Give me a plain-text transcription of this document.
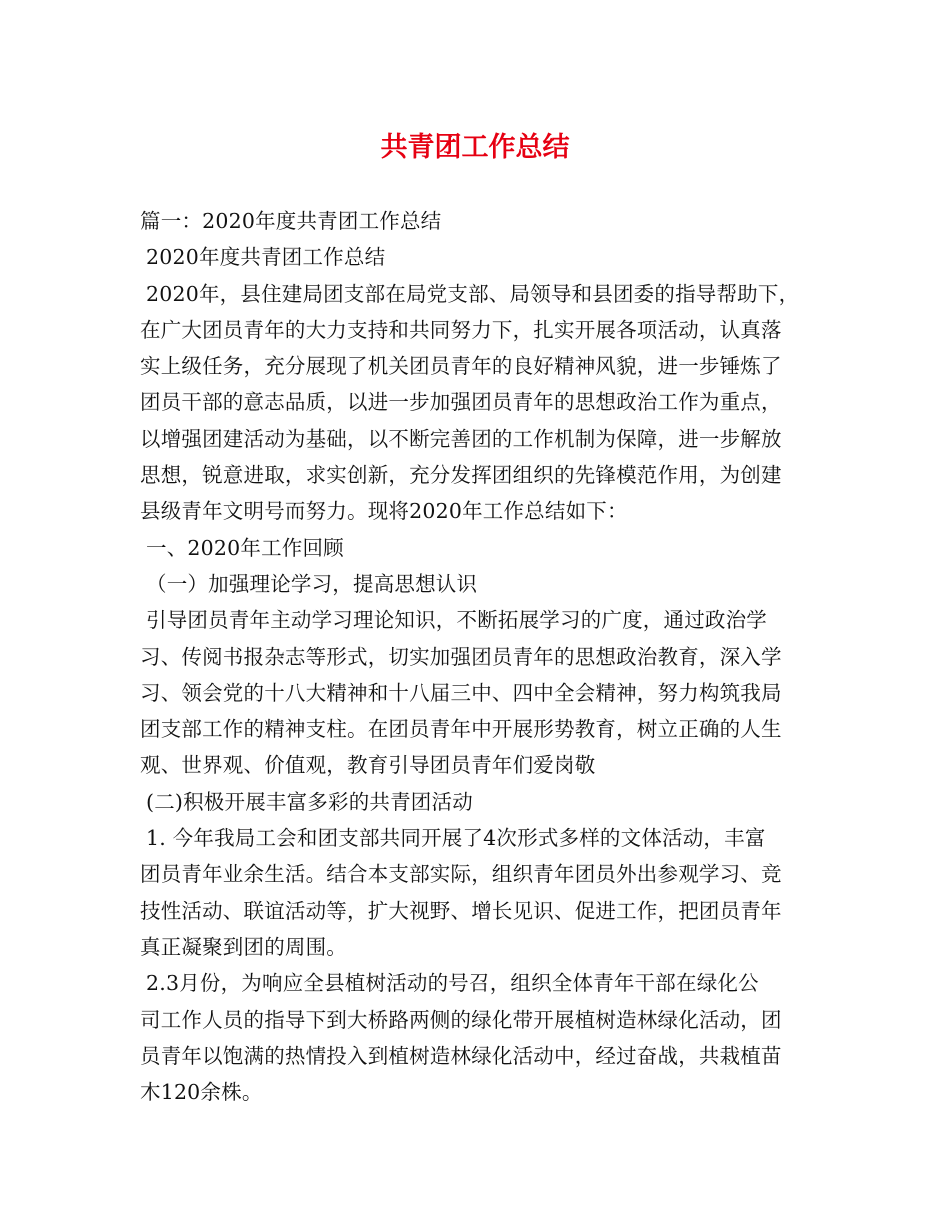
共青团工作总结

篇一：2020年度共青团工作总结

2020年度共青团工作总结

2020年，县住建局团支部在局党支部、局领导和县团委的指导帮助下，

在广大团员青年的大力支持和共同努力下，扎实开展各项活动，认真落

实上级任务，充分展现了机关团员青年的良好精神风貌，进一步锤炼了

团员干部的意志品质，以进一步加强团员青年的思想政治工作为重点，

以增强团建活动为基础，以不断完善团的工作机制为保障，进一步解放

思想，锐意进取，求实创新，充分发挥团组织的先锋模范作用，为创建

县级青年文明号而努力。现将2020年工作总结如下：

一、2020年工作回顾

（一）加强理论学习，提高思想认识

引导团员青年主动学习理论知识，不断拓展学习的广度，通过政治学

习、传阅书报杂志等形式，切实加强团员青年的思想政治教育，深入学

习、领会党的十八大精神和十八届三中、四中全会精神，努力构筑我局

团支部工作的精神支柱。在团员青年中开展形势教育，树立正确的人生

观、世界观、价值观，教育引导团员青年们爱岗敬

(二)积极开展丰富多彩的共青团活动

1. 今年我局工会和团支部共同开展了4次形式多样的文体活动，丰富

团员青年业余生活。结合本支部实际，组织青年团员外出参观学习、竞

技性活动、联谊活动等，扩大视野、增长见识、促进工作，把团员青年

真正凝聚到团的周围。

2.3月份，为响应全县植树活动的号召，组织全体青年干部在绿化公

司工作人员的指导下到大桥路两侧的绿化带开展植树造林绿化活动，团

员青年以饱满的热情投入到植树造林绿化活动中，经过奋战，共栽植苗

木120余株。
